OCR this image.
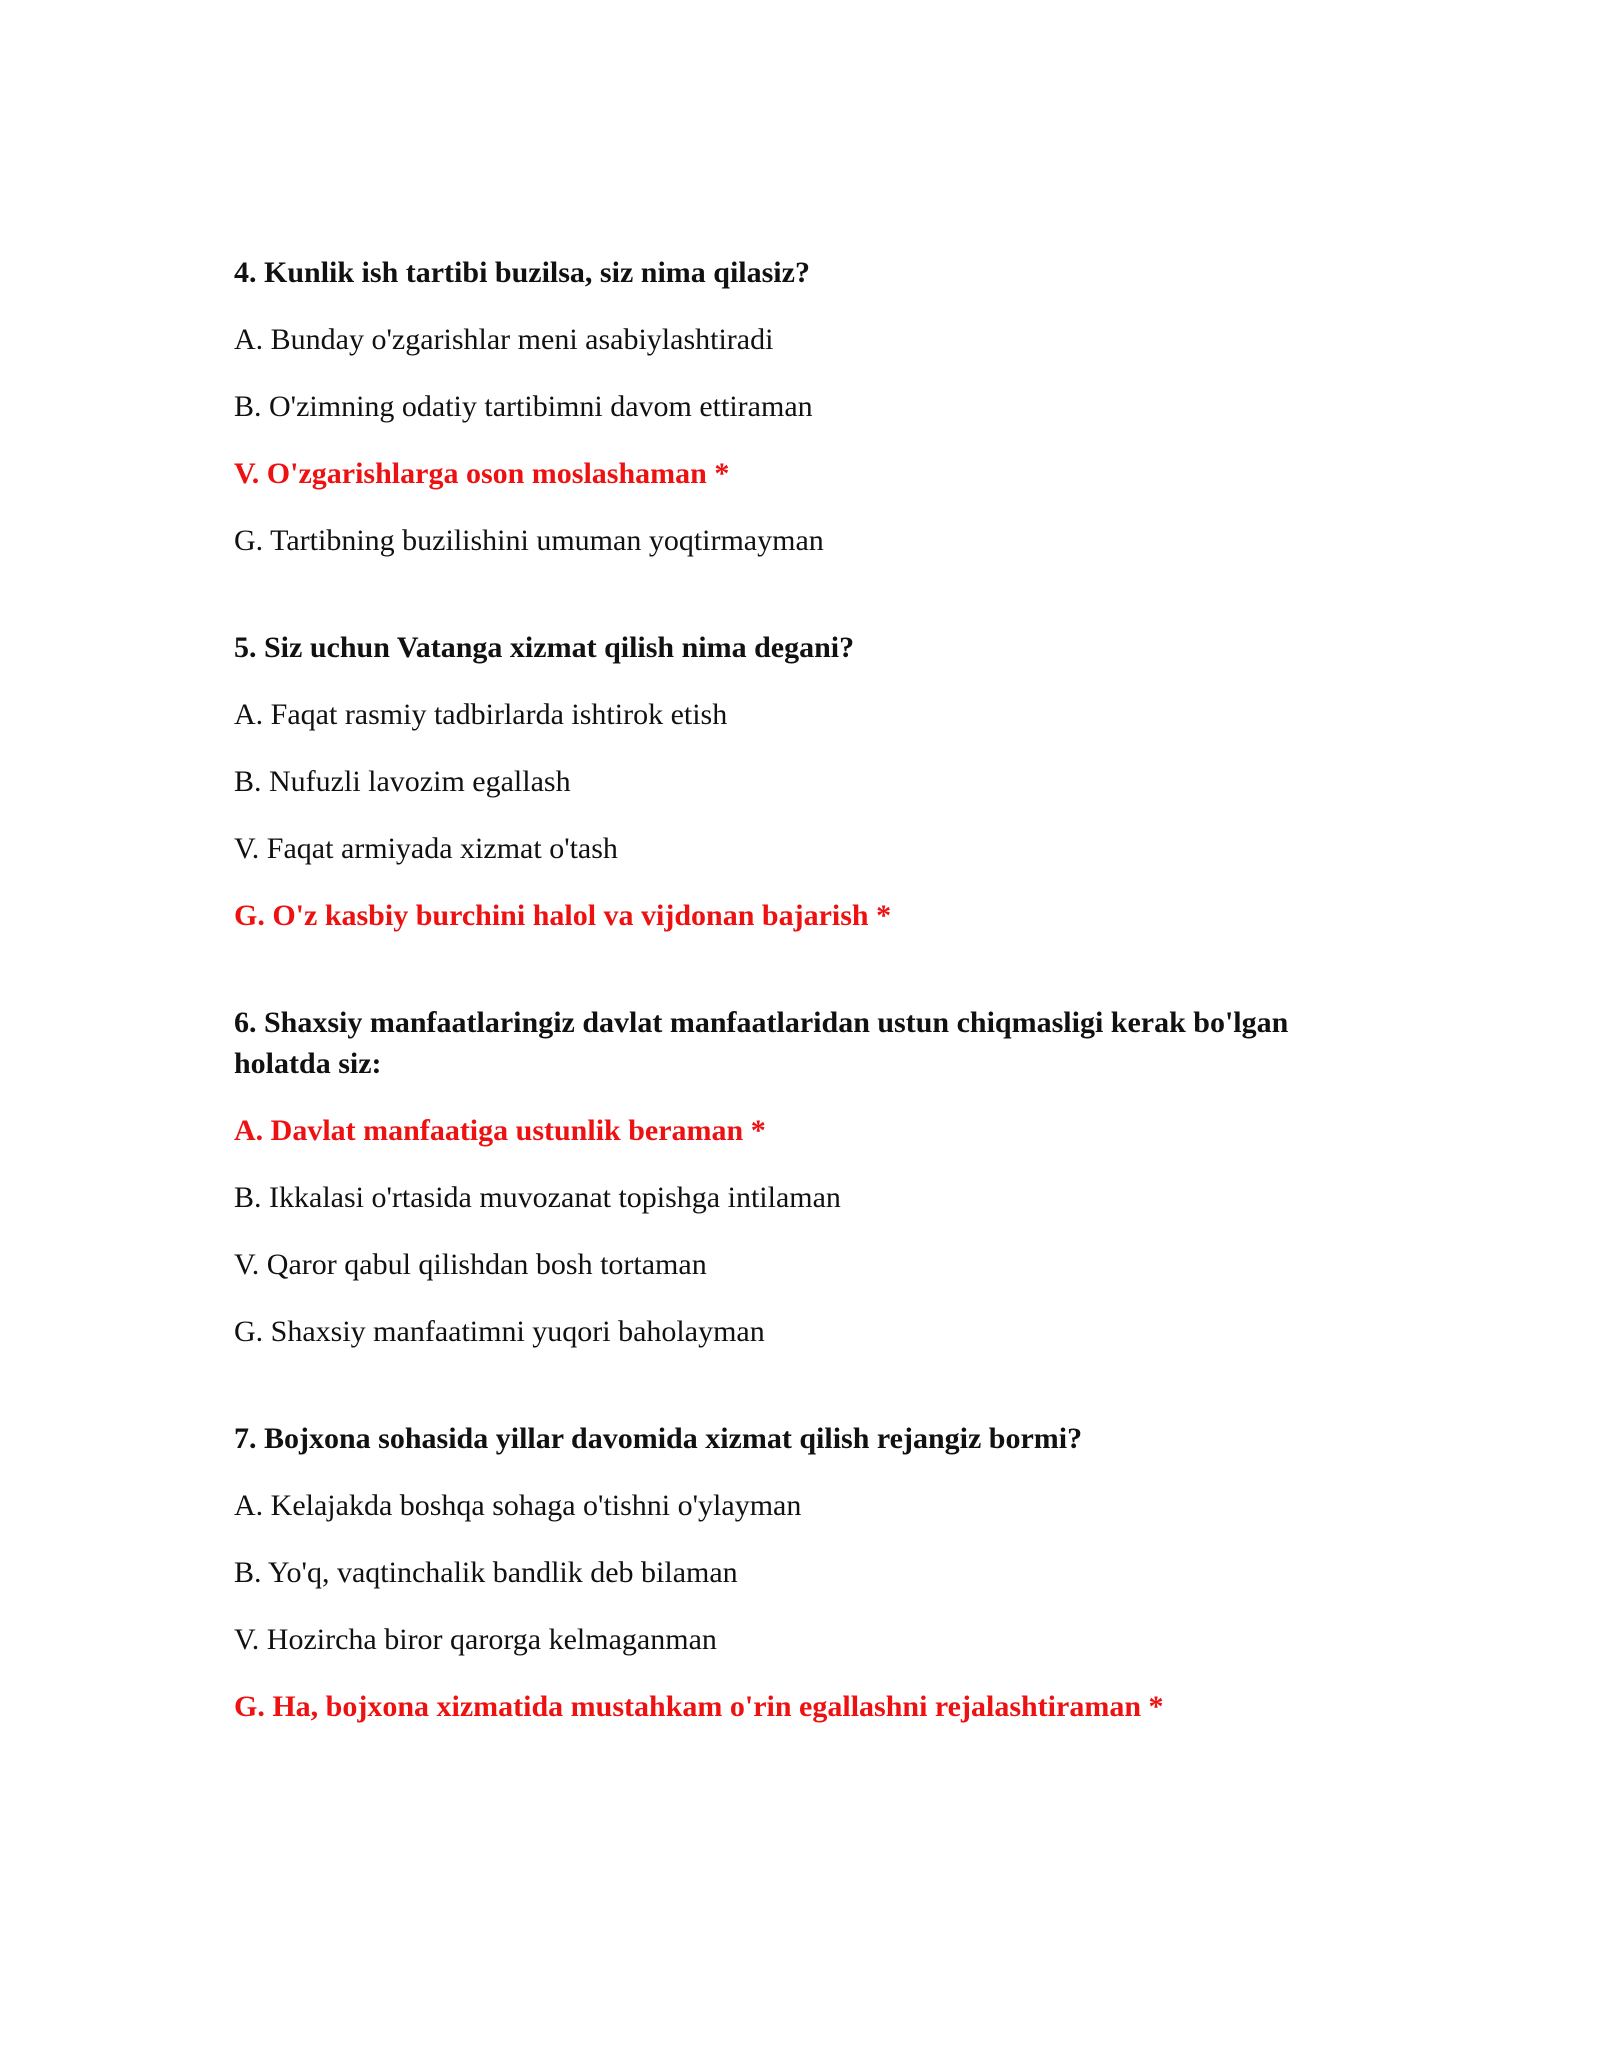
4. Kunlik ish tartibi buzilsa, siz nima qilasiz?

A. Bunday o'zgarishlar meni asabiylashtiradi

B. O'zimning odatiy tartibimni davom ettiraman

V. O'zgarishlarga oson moslashaman *

G. Tartibning buzilishini umuman yoqtirmayman

5. Siz uchun Vatanga xizmat qilish nima degani?

A. Faqat rasmiy tadbirlarda ishtirok etish

B. Nufuzli lavozim egallash

V. Faqat armiyada xizmat o'tash

G. O'z kasbiy burchini halol va vijdonan bajarish *

6. Shaxsiy manfaatlaringiz davlat manfaatlaridan ustun chiqmasligi kerak bo'lgan holatda siz:

A. Davlat manfaatiga ustunlik beraman *

B. Ikkalasi o'rtasida muvozanat topishga intilaman

V. Qaror qabul qilishdan bosh tortaman

G. Shaxsiy manfaatimni yuqori baholayman

7. Bojxona sohasida yillar davomida xizmat qilish rejangiz bormi?

A. Kelajakda boshqa sohaga o'tishni o'ylayman

B. Yo'q, vaqtinchalik bandlik deb bilaman

V. Hozircha biror qarorga kelmaganman

G. Ha, bojxona xizmatida mustahkam o'rin egallashni rejalashtiraman *
